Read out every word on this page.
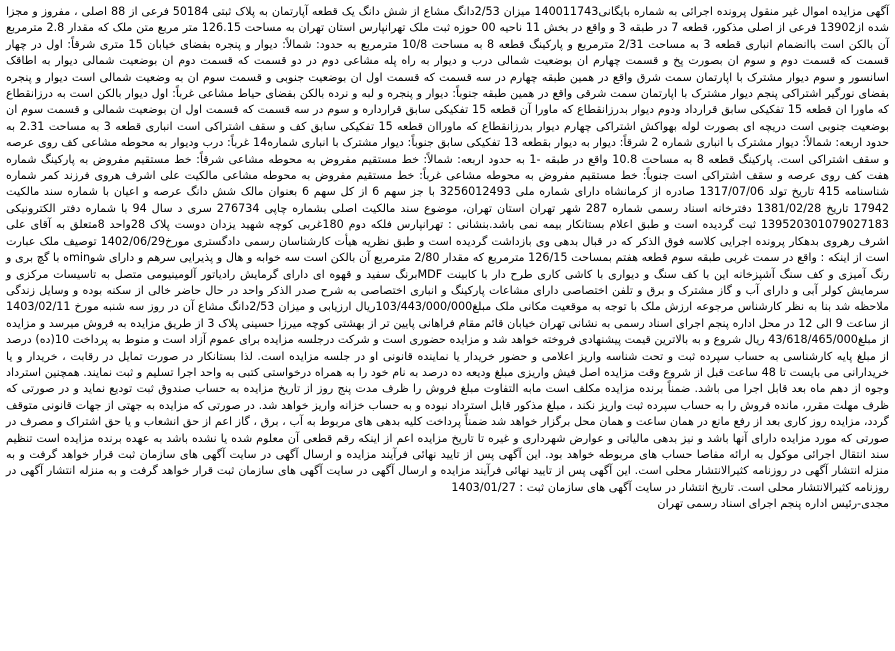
آگهی مزایده اموال غیر منقول پرونده اجرائی به شماره بایگانی140011743 میزان 2/53دانگ مشاع از شش دانگ یک قطعه آپارتمان به پلاک ثبتی 50184 فرعی از 88 اصلی ، مفروز و مجزا شده از13902 فرعی از اصلی مذکور، قطعه 7 در طبقه 3 و واقع در بخش 11 ناحیه 00 حوزه ثبت ملک تهرانپارس استان تهران به مساحت 126.15 متر مربع متن ملک که مقدار 2.8 مترمربع آن بالکن است باانضمام انباری قطعه 3 به مساحت 2/31 مترمربع و پارکینگ قطعه 8 به مساحت 10/8 مترمربع به حدود: شمالاً: دیوار و پنجره بفضای خیابان 15 متری شرقاً: اول در چهار قسمت که قسمت دوم و سوم ان بصورت پخ و قسمت چهارم ان بوضعیت شمالی درب و دیوار به راه پله مشاعی دوم در دو قسمت که قسمت دوم ان بوضعیت شمالی دیوار به اطاقک اسانسور و سوم دیوار مشترک با اپارتمان سمت شرق واقع در همین طبقه چهارم در سه قسمت که قسمت اول ان بوضعیت جنوبی و قسمت سوم ان به وضعیت شمالی است دیوار و پنجره بفضای نورگیر اشتراکی پنجم دیوار مشترک با اپارتمان سمت شرقی واقع در همین طبقه جنوباً: دیوار و پنجره و لبه و نرده بالکن بفضای حیاط مشاعی غرباً: اول دیوار بالکن است به درزانقطاع که ماورا ان قطعه 15 تفکیکی سابق قرارداد ودوم دیوار بدرزانقطاع که ماورا آن قطعه 15 تفکیکی سابق قرارداره و سوم در سه قسمت که قسمت اول ان بوضعیت شمالی و قسمت سوم ان بوضعیت جنوبی است دریچه ای بصورت لوله بهواکش اشتراکی چهارم دیوار بدرزانقطاع که ماوراان قطعه 15 تفکیکی سابق کف و سقف اشتراکی است انباری قطعه 3 به مساحت 2.31 به حدود اربعه: شمالاً: دیوار مشترک با انباری شماره 2 شرقاً: دیوار به دیوار بقطعه 13 تفکیکی سابق جنوباً: دیوار مشترک با انباری شماره14 غرباً: درب ودیوار به محوطه مشاعی کف روی عرصه و سقف اشتراکی است. پارکینگ قطعه 8 به مساحت 10.8 واقع در طبقه -1 به حدود اربعه: شمالاً: خط مستقیم مفروض به محوطه مشاعی شرقاً: خط مستقیم مفروض به پارکینگ شماره هفت کف روی عرصه و سقف اشتراکی است جنوباً: خط مستقیم مفروض به محوطه مشاعی غرباً: خط مستقیم مفروض به محوطه مشاعی مالکیت علی اشرف هروی فرزند کمر شماره شناسنامه 415 تاریخ تولد 1317/07/06 صادره از کرمانشاه دارای شماره ملی 3256012493 با جز سهم 6 از کل سهم 6 بعنوان مالک شش دانگ عرصه و اعیان با شماره سند مالکیت 17942 تاریخ 1381/02/28 دفترخانه اسناد رسمی شماره 287 شهر تهران استان تهران، موضوع سند مالکیت اصلی بشماره چاپی 276734 سری د سال 94 با شماره دفتر الکترونیکی 139520301079027183 ثبت گردیده است و طبق اعلام بستانکار بیمه نمی باشد.بنشانی : تهرانپارس فلکه دوم 180غربی کوچه شهید یزدان دوست پلاک 28واحد 8متعلق به آقای علی اشرف رهروی بدهکار پرونده اجرایی کلاسه فوق الذکر که در قبال بدهی وی بازداشت گردیده است و طبق نظریه هیأت کارشناسان رسمی دادگستری مورخ1402/06/29 توصیف ملک عبارت است از اینکه : واقع در سمت غربی طبقه سوم قطعه هفتم بمساحت 126/15 مترمربع که مقدار 2/80 مترمربع آن بالکن است سه خوابه و هال و پذیرایی سرهم و دارای شوminه با گچ بری و رنگ آمیزی و کف سنگ آشپزخانه این با کف سنگ و دیواری با کاشی کاری طرح دار با کابینت MDFبرنگ سفید و قهوه ای دارای گرمایش رادیاتور آلومینیومی متصل به تاسیسات مرکزی و سرمایش کولر آبی و دارای آب و گاز مشترک و برق و تلفن اختصاصی دارای مشاعات پارکینگ و انباری اختصاصی به شرح صدر الذکر واحد در حال حاضر خالی از سکنه بوده و وسایل زندگی ملاحظه شد بنا به نظر کارشناس مرجوعه ارزش ملک با توجه به موقعیت مکانی ملک مبلغ103/443/000/000ریال ارزیابی و میزان 2/53دانگ مشاع آن در روز سه شنبه مورخ 1403/02/11 از ساعت 9 الی 12 در محل اداره پنجم اجرای اسناد رسمی به نشانی تهران خیابان قائم مقام فراهانی پایین تر از بهشتی کوچه میرزا حسینی پلاک 3 از طریق مزایده به فروش میرسد و مزایده از مبلغ43/618/465/000 ریال شروع و به بالاترین قیمت پیشنهادی فروخته خواهد شد و مزایده حضوری است و شرکت درجلسه مزایده برای عموم آزاد است و منوط به پرداخت 10(ده) درصد از مبلغ پایه کارشناسی به حساب سپرده ثبت و تحت شناسه واریز اعلامی و حضور خریدار یا نماینده قانونی او در جلسه مزایده است. لذا بستانکار در صورت تمایل در رقابت ، خریدار و یا خریدارانی می بایست تا 48 ساعت قبل از شروع وقت مزایده اصل فیش واریزی مبلغ ودیعه ده درصد به نام خود را به همراه درخواستی کتبی به واحد اجرا تسلیم و ثبت نمایند. همچنین استرداد وجوه از دهم ماه بعد قابل اجرا می باشد. ضمناً برنده مزایده مکلف است مابه التفاوت مبلغ فروش را ظرف مدت پنج روز از تاریخ مزایده به حساب صندوق ثبت تودیع نماید و در صورتی که ظرف مهلت مقرر، مانده فروش را به حساب سپرده ثبت واریز نکند ، مبلغ مذکور قابل استرداد نبوده و به حساب خزانه واریز خواهد شد. در صورتی که مزایده به جهتی از جهات قانونی متوقف گردد، مزایده روز کاری بعد از رفع مانع در همان ساعت و همان محل برگزار خواهد شد ضمناً پرداخت کلیه بدهی های مربوط به آب ، برق ، گاز اعم از حق انشعاب و یا حق اشتراک و مصرف در صورتی که مورد مزایده دارای آنها باشد و نیز بدهی مالیاتی و عوارض شهرداری و غیره تا تاریخ مزایده اعم از اینکه رقم قطعی آن معلوم شده یا نشده باشد به عهده برنده مزایده است تنظیم سند انتقال اجرائی موکول به ارائه مفاصا حساب های مربوطه خواهد بود. این آگهی پس از تایید نهائی فرآیند مزایده و ارسال آگهی در سایت آگهی های سازمان ثبت قرار خواهد گرفت و به منزله انتشار آگهی در روزنامه کثیرالانتشار محلی است. این آگهی پس از تایید نهائی فرآیند مزایده و ارسال آگهی در سایت آگهی های سازمان ثبت قرار خواهد گرفت و به منزله انتشار آگهی در روزنامه کثیرالانتشار محلی است. تاریخ انتشار در سایت آگهی های سازمان ثبت : 1403/01/27

مجدی-رئیس اداره پنجم اجرای اسناد رسمی تهران
